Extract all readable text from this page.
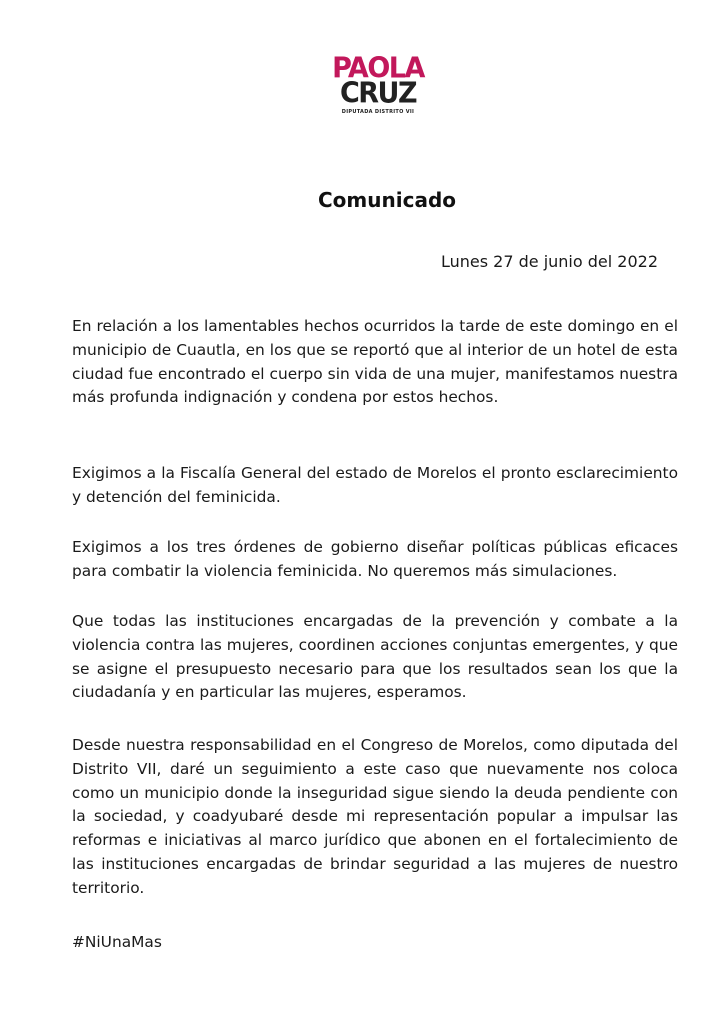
PAOLA
CRUZ
DIPUTADA DISTRITO VII
Comunicado
Lunes 27 de junio del 2022

En relación a los lamentables hechos ocurridos la tarde de este domingo en el municipio de Cuautla, en los que se reportó que al interior de un hotel de esta ciudad fue encontrado el cuerpo sin vida de una mujer, manifestamos nuestra más profunda indignación y condena por estos hechos.

Exigimos a la Fiscalía General del estado de Morelos el pronto esclarecimiento y detención del feminicida.

Exigimos a los tres órdenes de gobierno diseñar políticas públicas eficaces para combatir la violencia feminicida. No queremos más simulaciones.

Que todas las instituciones encargadas de la prevención y combate a la violencia contra las mujeres, coordinen acciones conjuntas emergentes, y que se asigne el presupuesto necesario para que los resultados sean los que la ciudadanía y en particular las mujeres, esperamos.

Desde nuestra responsabilidad en el Congreso de Morelos, como diputada del Distrito VII, daré un seguimiento a este caso que nuevamente nos coloca como un municipio donde la inseguridad sigue siendo la deuda pendiente con la sociedad, y coadyubaré desde mi representación popular a impulsar las reformas e iniciativas al marco jurídico que abonen en el fortalecimiento de las instituciones encargadas de brindar seguridad a las mujeres de nuestro territorio.

#NiUnaMas
